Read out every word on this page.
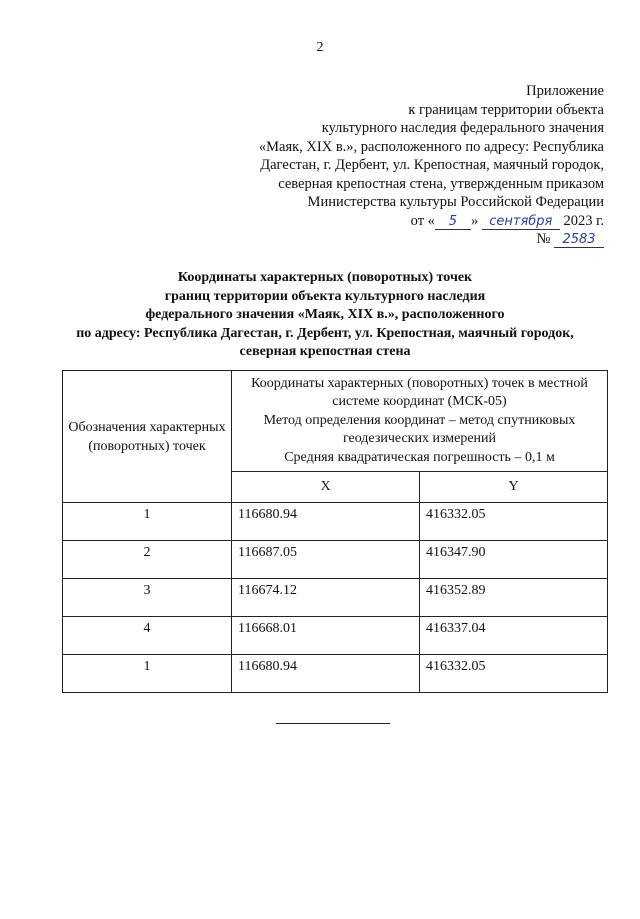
2
Приложение
к границам территории объекта
культурного наследия федерального значения
«Маяк, XIX в.», расположенного по адресу: Республика
Дагестан, г. Дербент, ул. Крепостная, маячный городок,
северная крепостная стена, утвержденным приказом
Министерства культуры Российской Федерации
от « 5 » сентября 2023 г.
№ 2583
Координаты характерных (поворотных) точек
границ территории объекта культурного наследия
федерального значения «Маяк, XIX в.», расположенного
по адресу: Республика Дагестан, г. Дербент, ул. Крепостная, маячный городок,
северная крепостная стена
Обозначения характерных (поворотных) точек	Координаты характерных (поворотных) точек в местной
системе координат (МСК-05)
Метод определения координат – метод спутниковых
геодезических измерений
Средняя квадратическая погрешность – 0,1 м	

	X	Y
1	116680.94	416332.05
2	116687.05	416347.90
3	116674.12	416352.89
4	116668.01	416337.04
1	116680.94	416332.05
